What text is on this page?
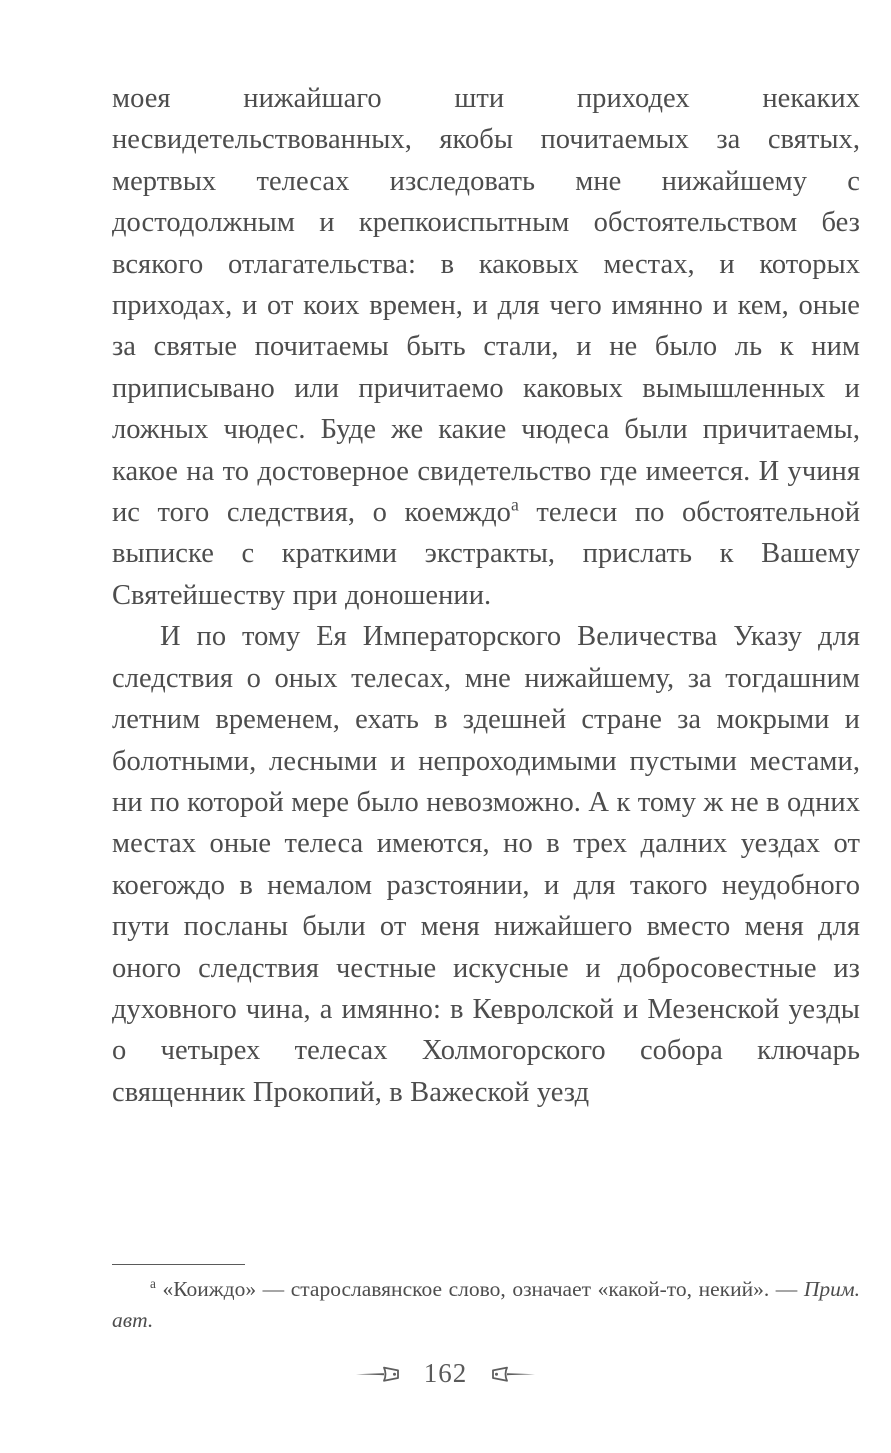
моея нижайшаго шти приходех некаких несвидетельствованных, якобы почитаемых за святых, мертвых телесах изследовать мне нижайшему с достодолжным и крепкоиспытным обстоятельством без всякого отлагательства: в каковых местах, и которых приходах, и от коих времен, и для чего имянно и кем, оные за святые почитаемы быть стали, и не было ль к ним приписывано или причитаемо каковых вымышленных и ложных чюдес. Буде же какие чюдеса были причитаемы, какое на то достоверное свидетельство где имеется. И учиня ис того следствия, о коемждо$^а$ телеси по обстоятельной выписке с краткими экстракты, прислать к Вашему Святейшеству при доношении.

И по тому Ея Императорского Величества Указу для следствия о оных телесах, мне нижайшему, за тогдашним летним временем, ехать в здешней стране за мокрыми и болотными, лесными и непроходимыми пустыми местами, ни по которой мере было невозможно. А к тому ж не в одних местах оные телеса имеются, но в трех далних уездах от коегождо в немалом разстоянии, и для такого неудобного пути посланы были от меня нижайшего вместо меня для оного следствия честные искусные и добросовестные из духовного чина, а имянно: в Кевролской и Мезенской уезды о четырех телесах Холмогорского собора ключарь священник Прокопий, в Важеской уезд

$^а$ «Коиждо» — старославянское слово, означает «какой-то, некий». — Прим. авт.

162
